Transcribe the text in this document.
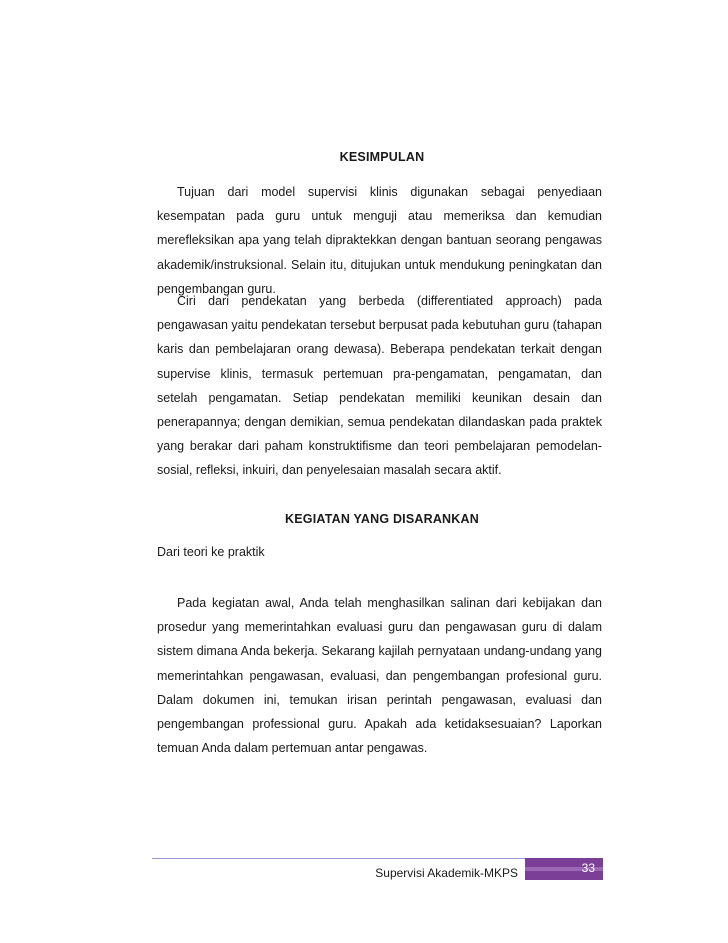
KESIMPULAN

Tujuan dari model supervisi klinis digunakan sebagai penyediaan kesempatan pada guru untuk menguji atau memeriksa dan kemudian merefleksikan apa yang telah dipraktekkan dengan bantuan seorang pengawas akademik/instruksional. Selain itu, ditujukan untuk mendukung peningkatan dan pengembangan guru.

Ciri dari pendekatan yang berbeda (differentiated approach) pada pengawasan yaitu pendekatan tersebut berpusat pada kebutuhan guru (tahapan karis dan pembelajaran orang dewasa). Beberapa pendekatan terkait dengan supervise klinis, termasuk pertemuan pra-pengamatan, pengamatan, dan setelah pengamatan. Setiap pendekatan memiliki keunikan desain dan penerapannya; dengan demikian, semua pendekatan dilandaskan pada praktek yang berakar dari paham konstruktifisme dan teori pembelajaran pemodelan-sosial, refleksi, inkuiri, dan penyelesaian masalah secara aktif.

KEGIATAN YANG DISARANKAN

Dari teori ke praktik

Pada kegiatan awal, Anda telah menghasilkan salinan dari kebijakan dan prosedur yang memerintahkan evaluasi guru dan pengawasan guru di dalam sistem dimana Anda bekerja. Sekarang kajilah pernyataan undang-undang yang memerintahkan pengawasan, evaluasi, dan pengembangan profesional guru. Dalam dokumen ini, temukan irisan perintah pengawasan, evaluasi dan pengembangan professional guru. Apakah ada ketidaksesuaian? Laporkan temuan Anda dalam pertemuan antar pengawas.

Supervisi Akademik-MKPS	33
